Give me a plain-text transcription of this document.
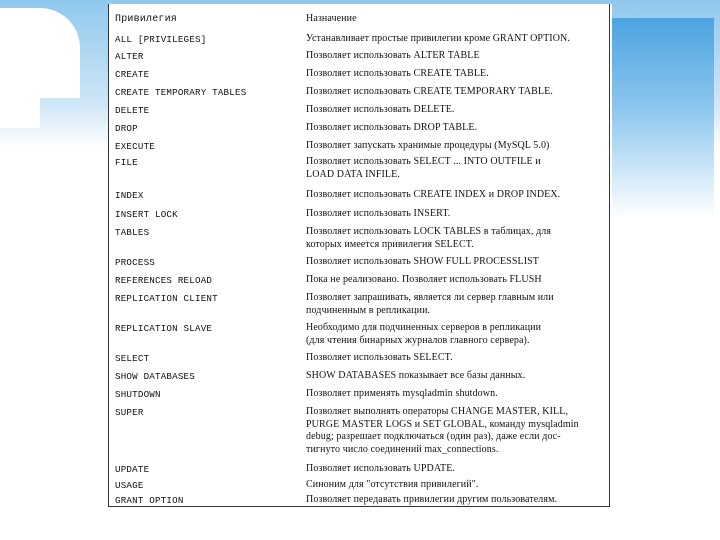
Привилегия	Назначение
ALL [PRIVILEGES]	Устанавливает простые привилегии кроме GRANT OPTION.
ALTER	Позволяет использовать ALTER TABLE
CREATE	Позволяет использовать CREATE TABLE.
CREATE TEMPORARY TABLES	Позволяет использовать CREATE TEMPORARY TABLE.
DELETE	Позволяет использовать DELETE.
DROP	Позволяет использовать DROP TABLE.
EXECUTE	Позволяет запускать хранимые процедуры (MySQL 5.0)
FILE	Позволяет использовать SELECT ... INTO OUTFILE и
LOAD DATA INFILE.
INDEX	Позволяет использовать CREATE INDEX и DROP INDEX.
INSERT LOCK	Позволяет использовать INSERT.
TABLES	Позволяет использовать LOCK TABLES в таблицах, для
которых имеется привилегия SELECT.
PROCESS	Позволяет использовать SHOW FULL PROCESSLIST
REFERENCES RELOAD	Пока не реализовано. Позволяет использовать FLUSH
REPLICATION CLIENT	Позволяет запрашивать, является ли сервер главным или
подчиненным в репликации.
REPLICATION SLAVE	Необходимо для подчиненных серверов в репликации
(для чтения бинарных журналов главного сервера).
SELECT	Позволяет использовать SELECT.
SHOW DATABASES	SHOW DATABASES показывает все базы данных.
SHUTDOWN	Позволяет применять mysqladmin shutdown.
SUPER	Позволяет выполнять операторы CHANGE MASTER, KILL,
PURGE MASTER LOGS и SET GLOBAL, команду mysqladmin
debug; разрешает подключаться (один раз), даже если дос-
тигнуто число соединений max_connections.
UPDATE	Позволяет использовать UPDATE.
USAGE	Синоним для "отсутствия привилегий".
GRANT OPTION	Позволяет передавать привилегии другим пользователям.
